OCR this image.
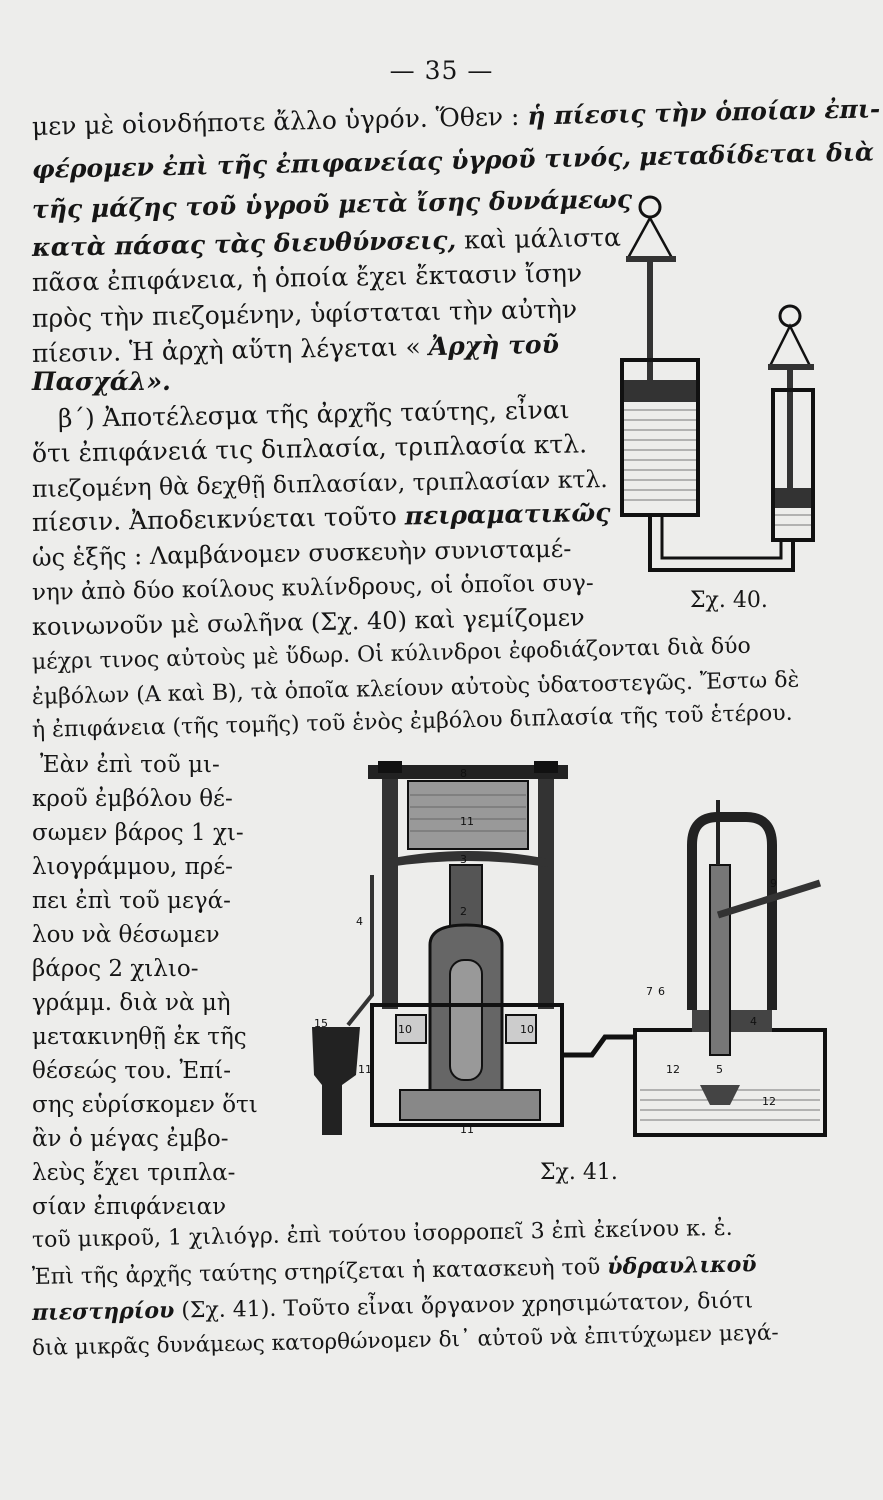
— 35 —
μεν μὲ οἱονδήποτε ἄλλο ὑγρόν. Ὅθεν : ἡ πίεσις τὴν ὁποίαν ἐπι-
φέρομεν ἐπὶ τῆς ἐπιφανείας ὑγροῦ τινός, μεταδίδεται διὰ
τῆς μάζης τοῦ ὑγροῦ μετὰ ἴσης δυνάμεως
κατὰ πάσας τὰς διευθύνσεις, καὶ μάλιστα
πᾶσα ἐπιφάνεια, ἡ ὁποία ἔχει ἔκτασιν ἴσην
πρὸς τὴν πιεζομένην, ὑφίσταται τὴν αὐτὴν
πίεσιν. Ἡ ἀρχὴ αὕτη λέγεται « Ἀρχὴ τοῦ
Πασχάλ».
β΄) Ἀποτέλεσμα τῆς ἀρχῆς ταύτης, εἶναι
ὅτι ἐπιφάνειά τις διπλασία, τριπλασία κτλ.
πιεζομένη θὰ δεχθῇ διπλασίαν, τριπλασίαν κτλ.
πίεσιν. Ἀποδεικνύεται τοῦτο πειραματικῶς
ὡς ἑξῆς : Λαμβάνομεν συσκευὴν συνισταμέ-
νην ἀπὸ δύο κοίλους κυλίνδρους, οἱ ὁποῖοι συγ-
κοινωνοῦν μὲ σωλῆνα (Σχ. 40) καὶ γεμίζομεν
μέχρι τινος αὐτοὺς μὲ ὕδωρ. Οἱ κύλινδροι ἐφοδιάζονται διὰ δύο
ἐμβόλων (Α καὶ Β), τὰ ὁποῖα κλείουν αὐτοὺς ὑδατοστεγῶς. Ἔστω δὲ
ἡ ἐπιφάνεια (τῆς τομῆς) τοῦ ἑνὸς ἐμβόλου διπλασία τῆς τοῦ ἑτέρου.
Ἐὰν ἐπὶ τοῦ μι-
κροῦ ἐμβόλου θέ-
σωμεν βάρος 1 χι-
λιογράμμου, πρέ-
πει ἐπὶ τοῦ μεγά-
λου νὰ θέσωμεν
βάρος 2 χιλιο-
γράμμ. διὰ νὰ μὴ
μετακινηθῇ ἐκ τῆς
θέσεώς του. Ἐπί-
σης εὑρίσκομεν ὅτι
ἂν ὁ μέγας ἐμβο-
λεὺς ἔχει τριπλα-
σίαν ἐπιφάνειαν
τοῦ μικροῦ, 1 χιλιόγρ. ἐπὶ τούτου ἰσορροπεῖ 3 ἐπὶ ἐκείνου κ. ἐ.
Ἐπὶ τῆς ἀρχῆς ταύτης στηρίζεται ἡ κατασκευὴ τοῦ ὑδραυλικοῦ
πιεστηρίου (Σχ. 41). Τοῦτο εἶναι ὄργανον χρησιμώτατον, διότι
διὰ μικρᾶς δυνάμεως κατορθώνομεν δι᾽ αὐτοῦ νὰ ἐπιτύχωμεν μεγά-
Σχ. 40.
8
11
3
2
4
15	10	10
11
11
9
7 6
5
4
12
12
Σχ. 41.
